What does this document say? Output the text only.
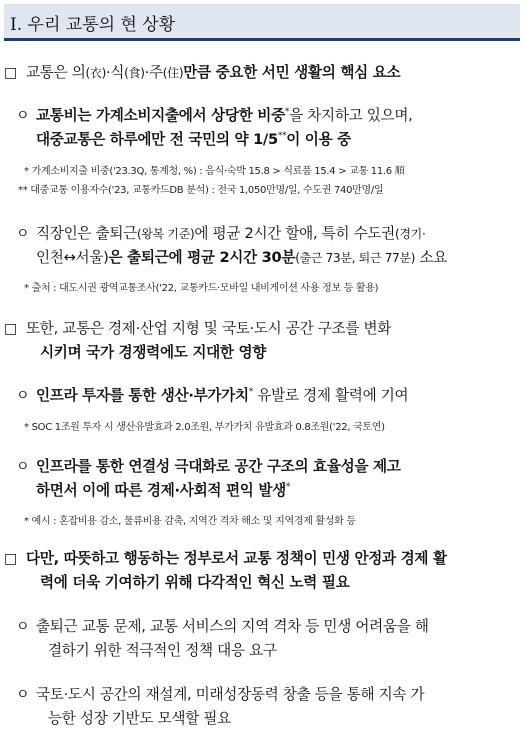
Ⅰ. 우리 교통의 현 상황
□ 교통은 의(衣)·식(食)·주(住)만큼 중요한 서민 생활의 핵심 요소
ㅇ 교통비는 가계소비지출에서 상당한 비중*을 차지하고 있으며,
대중교통은 하루에만 전 국민의 약 1/5**이 이용 중
* 가계소비지출 비중('23.3Q, 통계청, %) : 음식·숙박 15.8 > 식료품 15.4 > 교통 11.6 順
** 대중교통 이용자수('23, 교통카드DB 분석) : 전국 1,050만명/일, 수도권 740만명/일
ㅇ 직장인은 출퇴근(왕복 기준)에 평균 2시간 할애, 특히 수도권(경기·
인천↔서울)은 출퇴근에 평균 2시간 30분(출근 73분, 퇴근 77분) 소요
* 출처 : 대도시권 광역교통조사('22, 교통카드·모바일 내비게이션 사용 정보 등 활용)
□ 또한, 교통은 경제·산업 지형 및 국토·도시 공간 구조를 변화
시키며 국가 경쟁력에도 지대한 영향
ㅇ 인프라 투자를 통한 생산·부가가치* 유발로 경제 활력에 기여
* SOC 1조원 투자 시 생산유발효과 2.0조원, 부가가치 유발효과 0.8조원('22, 국토연)
ㅇ 인프라를 통한 연결성 극대화로 공간 구조의 효율성을 제고
하면서 이에 따른 경제·사회적 편익 발생*
* 예시 : 혼잡비용 감소, 물류비용 감축, 지역간 격차 해소 및 지역경제 활성화 등
□ 다만, 따뜻하고 행동하는 정부로서 교통 정책이 민생 안정과 경제 활
력에 더욱 기여하기 위해 다각적인 혁신 노력 필요
ㅇ 출퇴근 교통 문제, 교통 서비스의 지역 격차 등 민생 어려움을 해
결하기 위한 적극적인 정책 대응 요구
ㅇ 국토·도시 공간의 재설계, 미래성장동력 창출 등을 통해 지속 가
능한 성장 기반도 모색할 필요
